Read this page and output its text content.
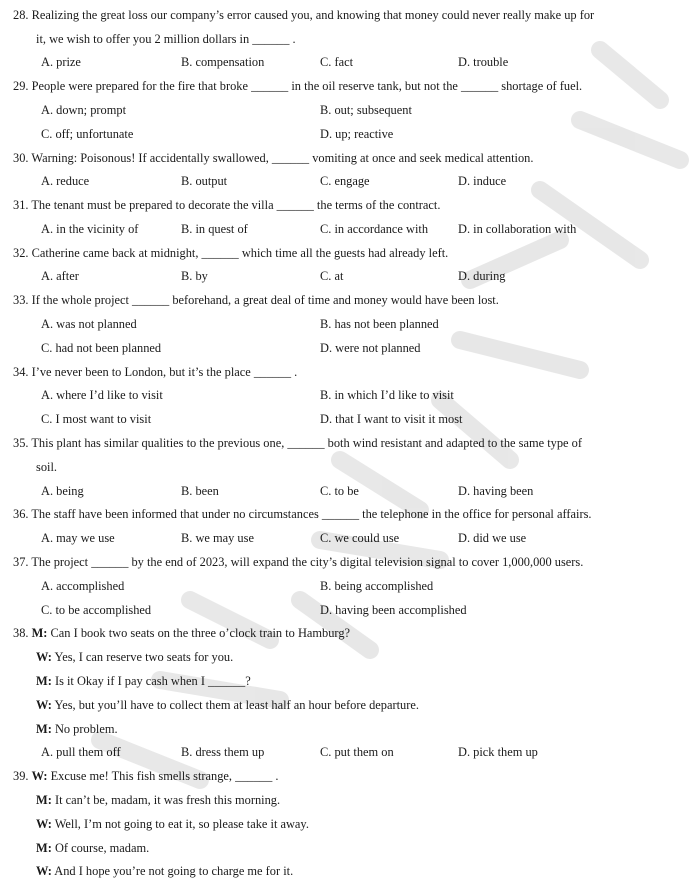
28. Realizing the great loss our company’s error caused you, and knowing that money could never really make up for
it, we wish to offer you 2 million dollars in ______ .
A. prize	B. compensation	C. fact	D. trouble
29. People were prepared for the fire that broke ______ in the oil reserve tank, but not the ______ shortage of fuel.
A. down; prompt	B. out; subsequent
C. off; unfortunate	D. up; reactive
30. Warning: Poisonous! If accidentally swallowed, ______ vomiting at once and seek medical attention.
A. reduce	B. output	C. engage	D. induce
31. The tenant must be prepared to decorate the villa ______ the terms of the contract.
A. in the vicinity of	B. in quest of	C. in accordance with D. in collaboration with
32. Catherine came back at midnight, ______ which time all the guests had already left.
A. after	B. by	C. at	D. during
33. If the whole project ______ beforehand, a great deal of time and money would have been lost.
A. was not planned	B. has not been planned
C. had not been planned	D. were not planned
34. I’ve never been to London, but it’s the place ______ .
A. where I’d like to visit	B. in which I’d like to visit
C. I most want to visit	D. that I want to visit it most
35. This plant has similar qualities to the previous one, ______ both wind resistant and adapted to the same type of
soil.
A. being	B. been	C. to be	D. having been
36. The staff have been informed that under no circumstances ______ the telephone in the office for personal affairs.
A. may we use	B. we may use	C. we could use	D. did we use
37. The project ______ by the end of 2023, will expand the city’s digital television signal to cover 1,000,000 users.
A. accomplished	B. being accomplished
C. to be accomplished	D. having been accomplished
38. M: Can I book two seats on the three o’clock train to Hamburg?
W: Yes, I can reserve two seats for you.
M: Is it Okay if I pay cash when I ______?
W: Yes, but you’ll have to collect them at least half an hour before departure.
M: No problem.
A. pull them off	B. dress them up	C. put them on	D. pick them up
39. W: Excuse me! This fish smells strange, ______ .
M: It can’t be, madam, it was fresh this morning.
W: Well, I’m not going to eat it, so please take it away.
M: Of course, madam.
W: And I hope you’re not going to charge me for it.
